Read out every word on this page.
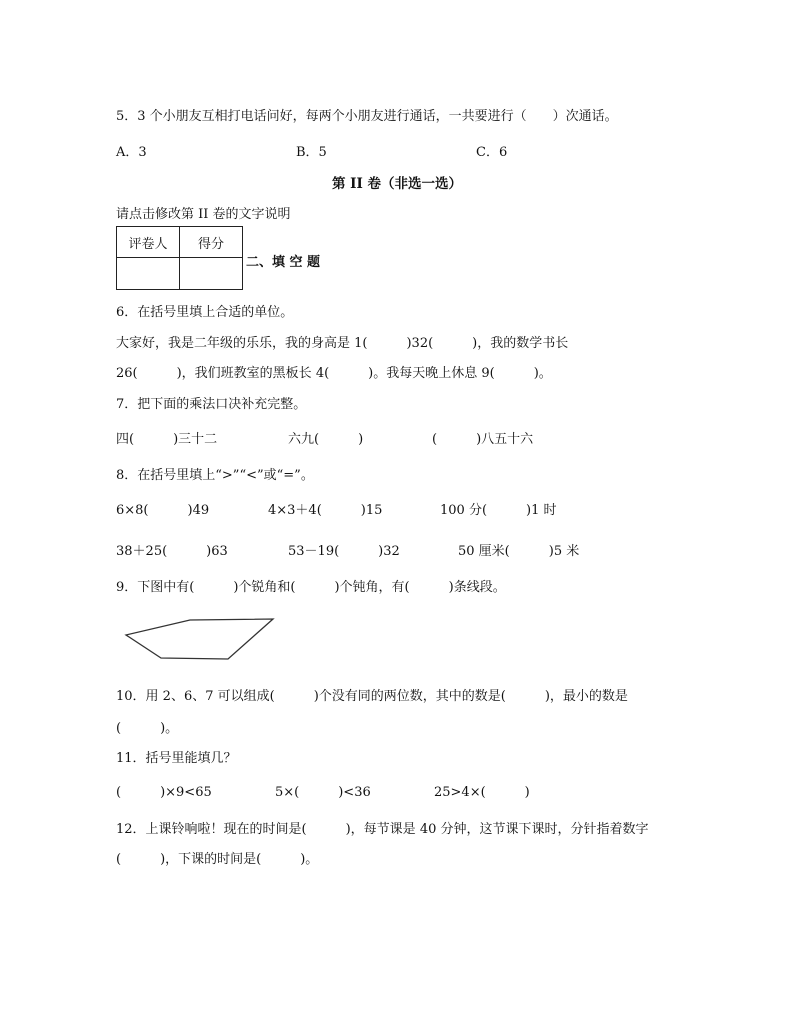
5．3 个小朋友互相打电话问好，每两个小朋友进行通话，一共要进行（　　）次通话。
A．3	B．5	C．6
第 II 卷（非选一选）
请点击修改第 II 卷的文字说明
评卷人	得分

二、填 空 题
6．在括号里填上合适的单位。
大家好，我是二年级的乐乐，我的身高是 1(　　　)32(　　　)，我的数学书长
26(　　　)，我们班教室的黑板长 4(　　　)。我每天晚上休息 9(　　　)。
7．把下面的乘法口决补充完整。
四(　　　)三十二	六九(　　　)	(　　　)八五十六
8．在括号里填上“>”“<”或“=”。
6×8(　　　)49	4×3＋4(　　　)15	100 分(　　　)1 时
38＋25(　　　)63	53－19(　　　)32	50 厘米(　　　)5 米
9．下图中有(　　　)个锐角和(　　　)个钝角，有(　　　)条线段。
10．用 2、6、7 可以组成(　　　)个没有同的两位数，其中的数是(　　　)，最小的数是
(　　　)。
11．括号里能填几？
(　　　)×9<65	5×(　　　)<36	25>4×(　　　)
12．上课铃响啦！现在的时间是(　　　)，每节课是 40 分钟，这节课下课时，分针指着数字
(　　　)，下课的时间是(　　　)。
